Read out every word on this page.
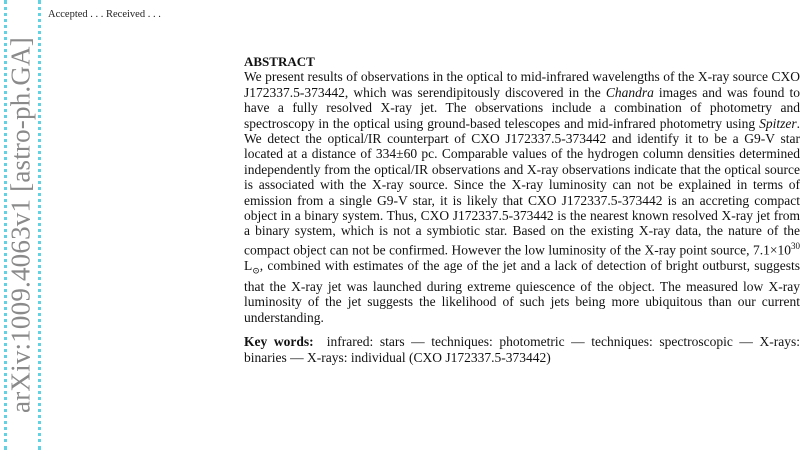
arXiv:1009.4063v1 [astro-ph.GA]
Accepted . . . Received . . .

ABSTRACT

We present results of observations in the optical to mid-infrared wavelengths of the X-ray source CXO J172337.5-373442, which was serendipitously discovered in the Chandra images and was found to have a fully resolved X-ray jet. The observations include a combination of photometry and spectroscopy in the optical using ground-based telescopes and mid-infrared photometry using Spitzer. We detect the optical/IR counterpart of CXO J172337.5-373442 and identify it to be a G9-V star located at a distance of 334±60 pc. Comparable values of the hydrogen column densities determined independently from the optical/IR observations and X-ray observations indicate that the optical source is associated with the X-ray source. Since the X-ray luminosity can not be explained in terms of emission from a single G9-V star, it is likely that CXO J172337.5-373442 is an accreting compact object in a binary system. Thus, CXO J172337.5-373442 is the nearest known resolved X-ray jet from a binary system, which is not a symbiotic star. Based on the existing X-ray data, the nature of the compact object can not be confirmed. However the low luminosity of the X-ray point source, $7.1\times 10^{30}$ $L_⊙$, combined with estimates of the age of the jet and a lack of detection of bright outburst, suggests that the X-ray jet was launched during extreme quiescence of the object. The measured low X-ray luminosity of the jet suggests the likelihood of such jets being more ubiquitous than our current understanding.

Key words: infrared: stars — techniques: photometric — techniques: spectroscopic — X-rays: binaries — X-rays: individual (CXO J172337.5-373442)
